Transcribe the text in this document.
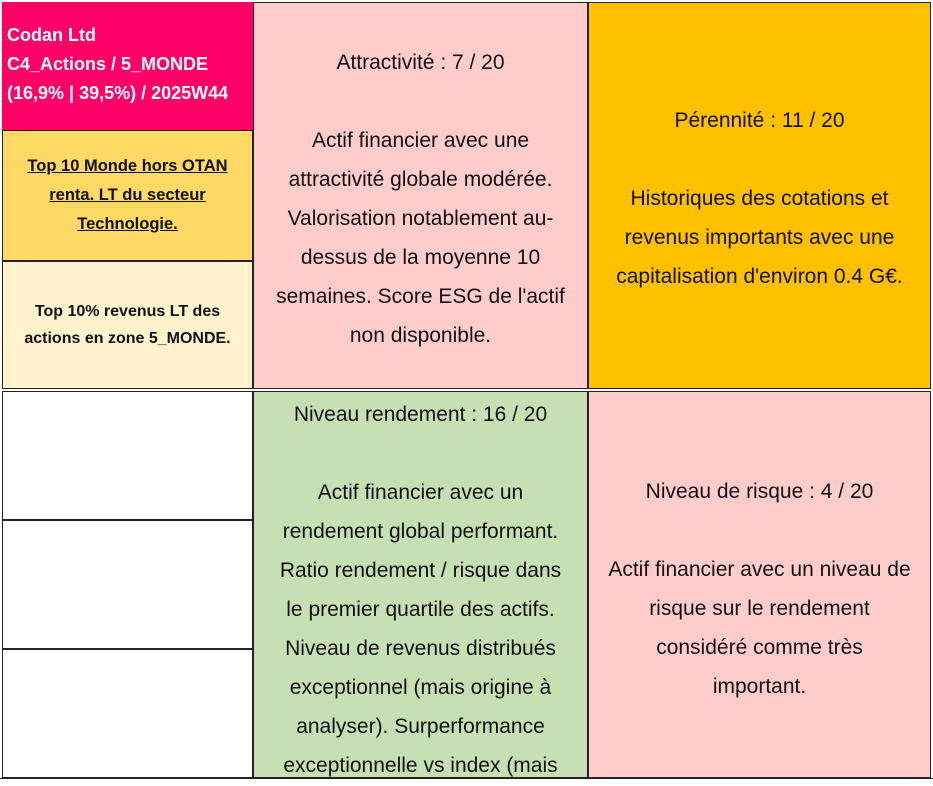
Codan Ltd
C4_Actions / 5_MONDE
(16,9% | 39,5%) / 2025W44
Top 10 Monde hors OTAN
renta. LT du secteur
Technologie.
Top 10% revenus LT des
actions en zone 5_MONDE.
Attractivité : 7 / 20
Actif financier avec une
attractivité globale modérée.
Valorisation notablement au-
dessus de la moyenne 10
semaines. Score ESG de l'actif
non disponible.
Pérennité : 11 / 20
Historiques des cotations et
revenus importants avec une
capitalisation d'environ 0.4 G€.
Niveau rendement : 16 / 20
Actif financier avec un
rendement global performant.
Ratio rendement / risque dans
le premier quartile des actifs.
Niveau de revenus distribués
exceptionnel (mais origine à
analyser). Surperformance
exceptionnelle vs index (mais
Niveau de risque : 4 / 20
Actif financier avec un niveau de
risque sur le rendement
considéré comme très
important.
